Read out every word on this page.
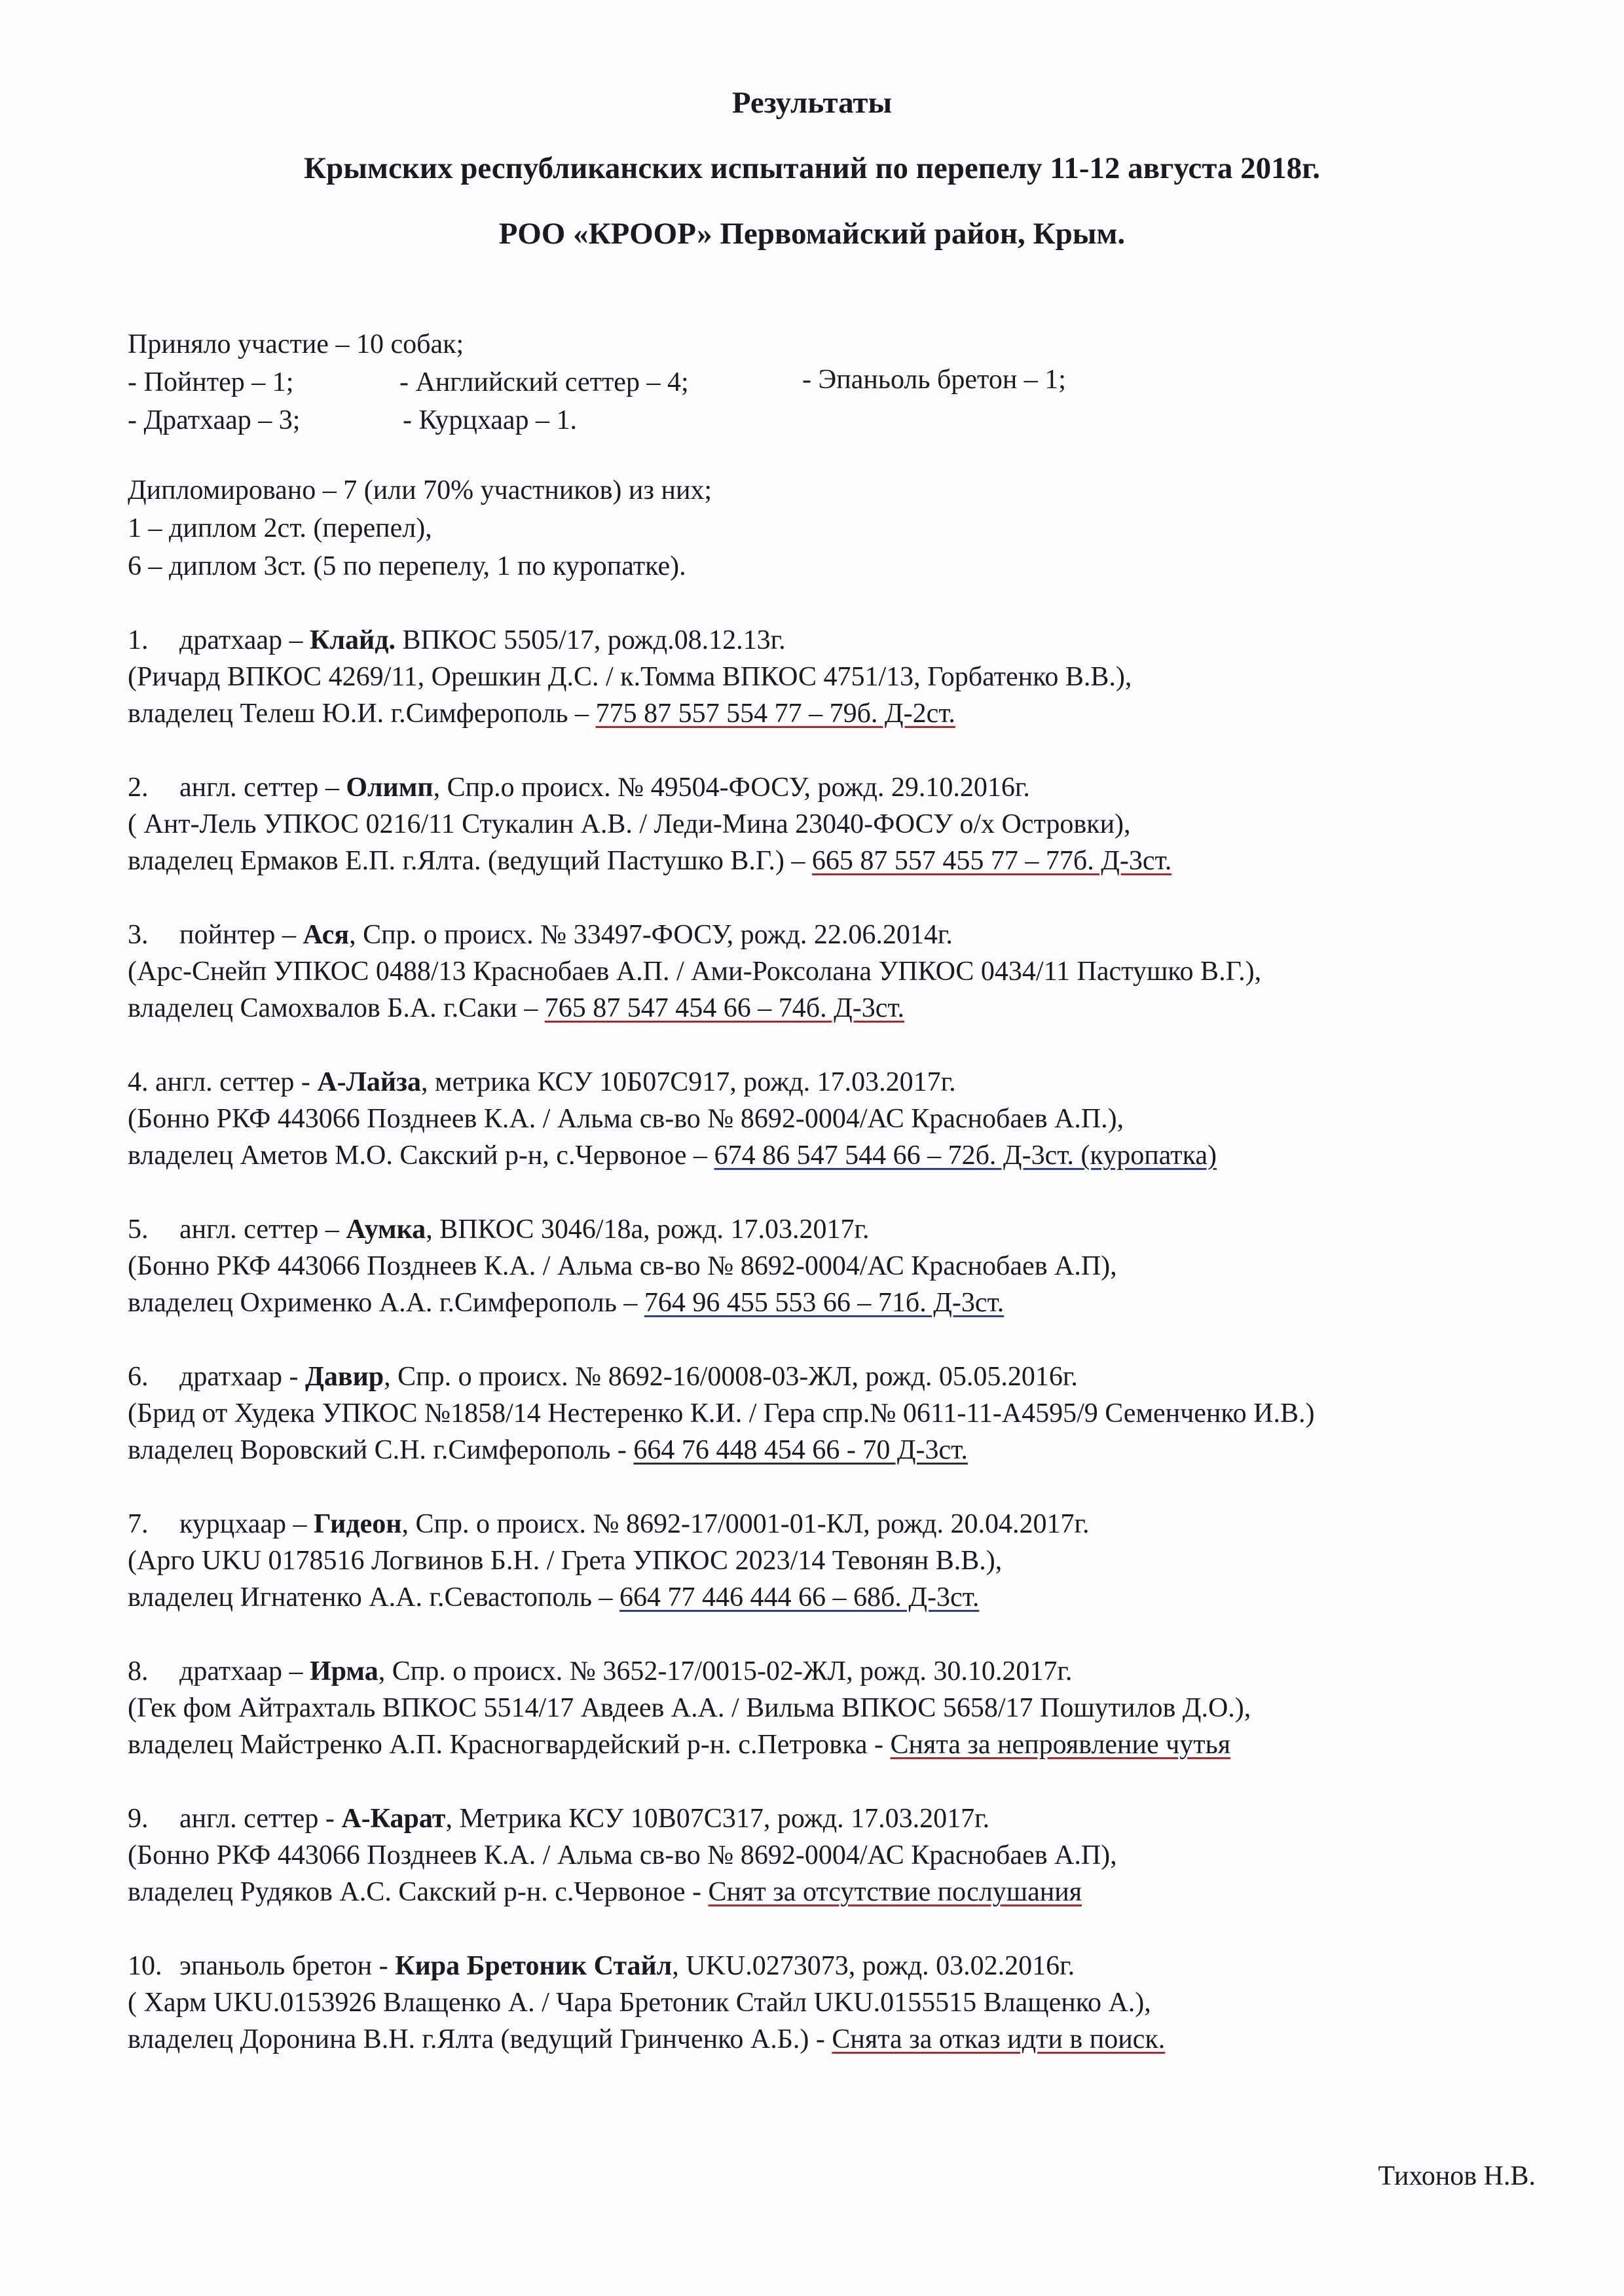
Результаты
Крымских республиканских испытаний по перепелу 11-12 августа 2018г.
РОО «КРООР» Первомайский район, Крым.
Приняло участие – 10 собак;
- Пойнтер – 1;	- Английский сеттер – 4;	- Эпаньоль бретон – 1;
- Дратхаар – 3;	- Курцхаар – 1.
Дипломировано – 7 (или 70% участников) из них;
1 – диплом 2ст. (перепел),
6 – диплом 3ст. (5 по перепелу, 1 по куропатке).
1. дратхаар – Клайд. ВПКОС 5505/17, рожд.08.12.13г.
(Ричард ВПКОС 4269/11, Орешкин Д.С. / к.Томма ВПКОС 4751/13, Горбатенко В.В.),
владелец Телеш Ю.И. г.Симферополь – 775 87 557 554 77 – 79б. Д-2ст.
2. англ. сеттер – Олимп, Спр.о происх. № 49504-ФОСУ, рожд. 29.10.2016г.
( Ант-Лель УПКОС 0216/11 Стукалин А.В. / Леди-Мина 23040-ФОСУ о/х Островки),
владелец Ермаков Е.П. г.Ялта. (ведущий Пастушко В.Г.) – 665 87 557 455 77 – 77б. Д-3ст.
3. пойнтер – Ася, Спр. о происх. № 33497-ФОСУ, рожд. 22.06.2014г.
(Арс-Снейп УПКОС 0488/13 Краснобаев А.П. / Ами-Роксолана УПКОС 0434/11 Пастушко В.Г.),
владелец Самохвалов Б.А. г.Саки – 765 87 547 454 66 – 74б. Д-3ст.
4. англ. сеттер - А-Лайза, метрика КСУ 10Б07С917, рожд. 17.03.2017г.
(Бонно РКФ 443066 Позднеев К.А. / Альма св-во № 8692-0004/АС Краснобаев А.П.),
владелец Аметов М.О. Сакский р-н, с.Червоное – 674 86 547 544 66 – 72б. Д-3ст. (куропатка)
5. англ. сеттер – Аумка, ВПКОС 3046/18а, рожд. 17.03.2017г.
(Бонно РКФ 443066 Позднеев К.А. / Альма св-во № 8692-0004/АС Краснобаев А.П),
владелец Охрименко А.А. г.Симферополь – 764 96 455 553 66 – 71б. Д-3ст.
6. дратхаар - Давир, Спр. о происх. № 8692-16/0008-03-ЖЛ, рожд. 05.05.2016г.
(Брид от Худека УПКОС №1858/14 Нестеренко К.И. / Гера спр.№ 0611-11-А4595/9 Семенченко И.В.)
владелец Воровский С.Н. г.Симферополь - 664 76 448 454 66 - 70 Д-3ст.
7. курцхаар – Гидеон, Спр. о происх. № 8692-17/0001-01-КЛ, рожд. 20.04.2017г.
(Арго UKU 0178516 Логвинов Б.Н. / Грета УПКОС 2023/14 Тевонян В.В.),
владелец Игнатенко А.А. г.Севастополь – 664 77 446 444 66 – 68б. Д-3ст.
8. дратхаар – Ирма, Спр. о происх. № 3652-17/0015-02-ЖЛ, рожд. 30.10.2017г.
(Гек фом Айтрахталь ВПКОС 5514/17 Авдеев А.А. / Вильма ВПКОС 5658/17 Пошутилов Д.О.),
владелец Майстренко А.П. Красногвардейский р-н. с.Петровка - Снята за непроявление чутья
9. англ. сеттер - А-Карат, Метрика КСУ 10В07С317, рожд. 17.03.2017г.
(Бонно РКФ 443066 Позднеев К.А. / Альма св-во № 8692-0004/АС Краснобаев А.П),
владелец Рудяков А.С. Сакский р-н. с.Червоное - Снят за отсутствие послушания
10. эпаньоль бретон - Кира Бретоник Стайл, UKU.0273073, рожд. 03.02.2016г.
( Харм UKU.0153926 Влащенко А. / Чара Бретоник Стайл UKU.0155515 Влащенко А.),
владелец Доронина В.Н. г.Ялта (ведущий Гринченко А.Б.) - Снята за отказ идти в поиск.
Тихонов Н.В.
